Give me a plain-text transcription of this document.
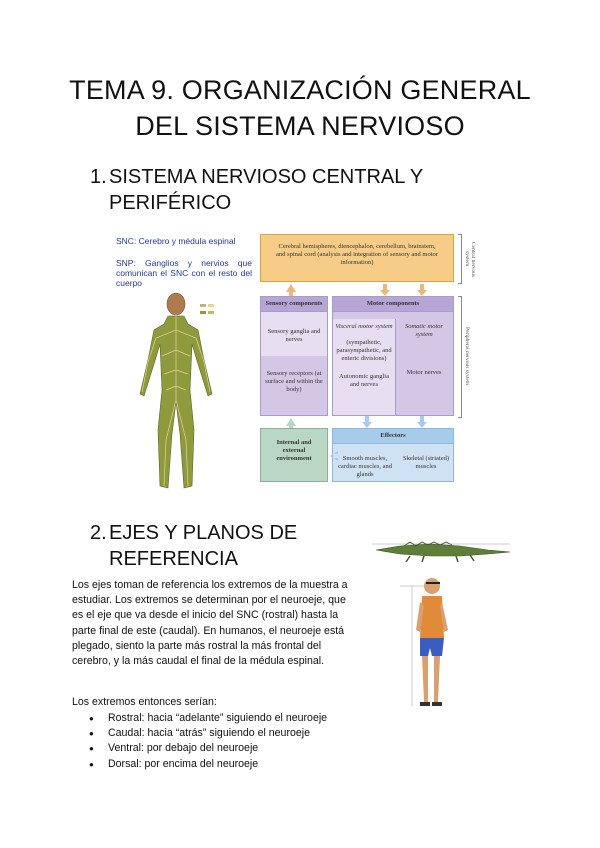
TEMA 9. ORGANIZACIÓN GENERAL
DEL SISTEMA NERVIOSO
1. SISTEMA NERVIOSO CENTRAL Y
PERIFÉRICO

SNC: Cerebro y médula espinal

SNP: Ganglios y nervios que comunican el SNC con el resto del cuerpo

Cerebral hemispheres, diencephalon, cerebellum, brainstem, and spinal cord (analysis and integration of sensory and motor information)	Central nervous system
Sensory components
Sensory ganglia and nerves
Sensory receptors (at surface and within the body)
Motor components
Visceral motor system
(sympathetic, parasympathetic, and enteric divisions)
Autonomic ganglia and nerves
Somatic motor system
Motor nerves	Peripheral nervous system
Internal and external environment
Effectors
Smooth muscles, cardiac muscles, and glands
Skeletal (striated) muscles
2. EJES Y PLANOS DE
REFERENCIA

Los ejes toman de referencia los extremos de la muestra a estudiar. Los extremos se determinan por el neuroeje, que es el eje que va desde el inicio del SNC (rostral) hasta la parte final de este (caudal). En humanos, el neuroeje está plegado, siento la parte más rostral la más frontal del cerebro, y la más caudal el final de la médula espinal.

Los extremos entonces serían:

● Rostral: hacia “adelante” siguiendo el neuroeje
● Caudal: hacia “atrás” siguiendo el neuroeje
● Ventral: por debajo del neuroeje
● Dorsal: por encima del neuroeje
